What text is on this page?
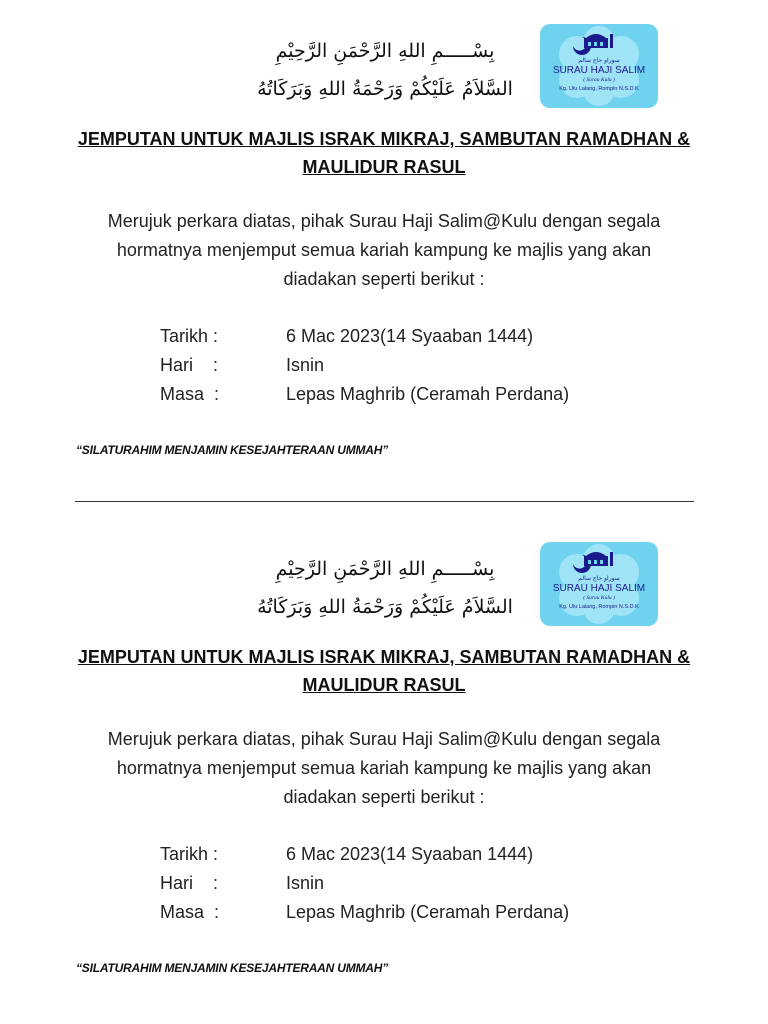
بِسْـــــمِ اللهِ الرَّحْمَنِ الرَّحِيْمِ
السَّلاَمُ عَلَيْكُمْ وَرَحْمَةُ اللهِ وَبَرَكَاتُهُ
سوراو حاج سالم
SURAU HAJI SALIM
( Surau Kulu )
Kg. Ulu Lalang, Rompin N.S.D.K
JEMPUTAN UNTUK MAJLIS ISRAK MIKRAJ, SAMBUTAN RAMADHAN &
MAULIDUR RASUL
Merujuk perkara diatas, pihak Surau Haji Salim@Kulu dengan segala
hormatnya menjemput semua kariah kampung ke majlis yang akan
diadakan seperti berikut :
Tarikh :	6 Mac 2023(14 Syaaban 1444)
Hari    :	Isnin
Masa  :	Lepas Maghrib (Ceramah Perdana)
“SILATURAHIM MENJAMIN KESEJAHTERAAN UMMAH”
بِسْـــــمِ اللهِ الرَّحْمَنِ الرَّحِيْمِ
السَّلاَمُ عَلَيْكُمْ وَرَحْمَةُ اللهِ وَبَرَكَاتُهُ
سوراو حاج سالم
SURAU HAJI SALIM
( Surau Kulu )
Kg. Ulu Lalang, Rompin N.S.D.K
JEMPUTAN UNTUK MAJLIS ISRAK MIKRAJ, SAMBUTAN RAMADHAN &
MAULIDUR RASUL
Merujuk perkara diatas, pihak Surau Haji Salim@Kulu dengan segala
hormatnya menjemput semua kariah kampung ke majlis yang akan
diadakan seperti berikut :
Tarikh :	6 Mac 2023(14 Syaaban 1444)
Hari    :	Isnin
Masa  :	Lepas Maghrib (Ceramah Perdana)
“SILATURAHIM MENJAMIN KESEJAHTERAAN UMMAH”
